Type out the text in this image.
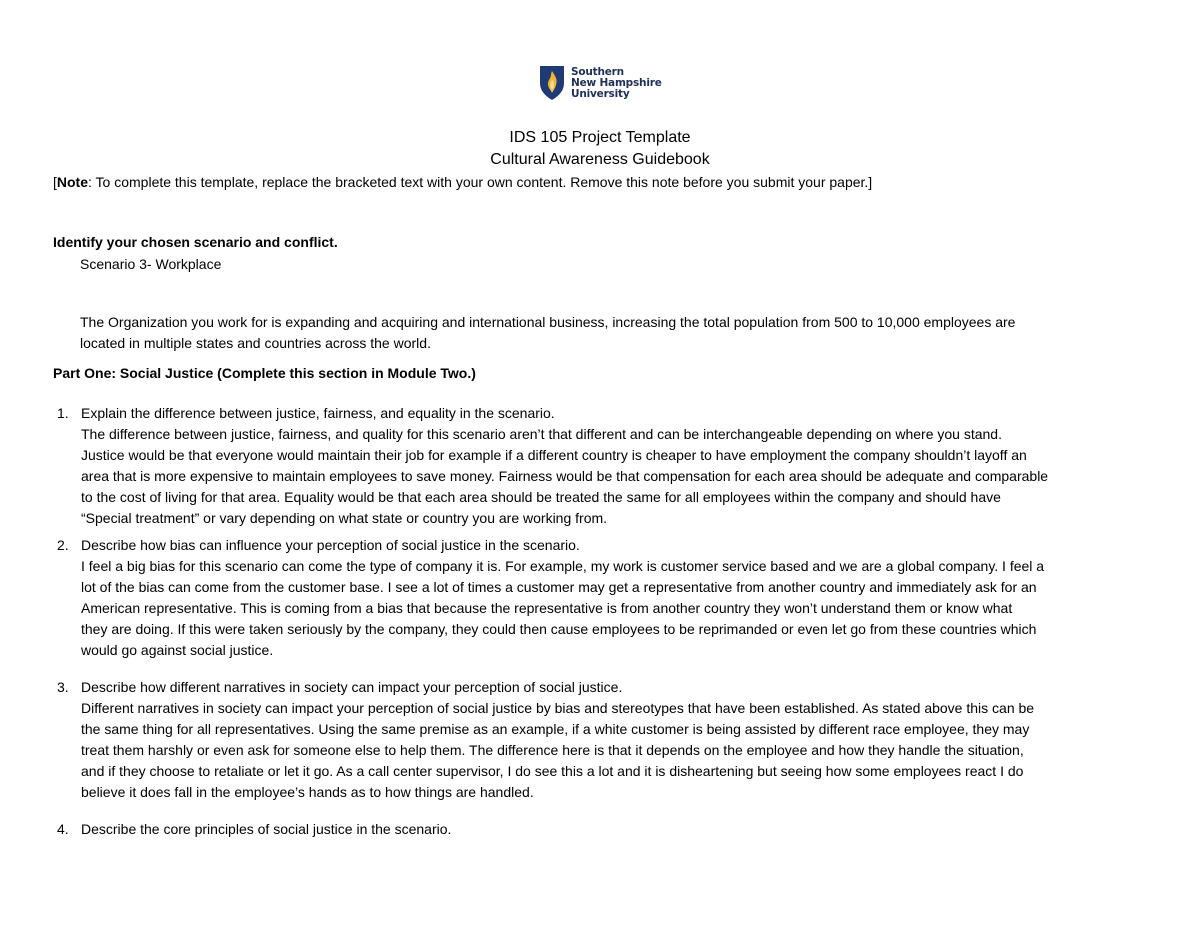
Southern
New Hampshire
University
IDS 105 Project Template
Cultural Awareness Guidebook
[Note: To complete this template, replace the bracketed text with your own content. Remove this note before you submit your paper.]
Identify your chosen scenario and conflict.
Scenario 3- Workplace
The Organization you work for is expanding and acquiring and international business, increasing the total population from 500 to 10,000 employees are
located in multiple states and countries across the world.
Part One: Social Justice (Complete this section in Module Two.)
1. Explain the difference between justice, fairness, and equality in the scenario.
The difference between justice, fairness, and quality for this scenario aren’t that different and can be interchangeable depending on where you stand.
Justice would be that everyone would maintain their job for example if a different country is cheaper to have employment the company shouldn’t layoff an
area that is more expensive to maintain employees to save money. Fairness would be that compensation for each area should be adequate and comparable
to the cost of living for that area. Equality would be that each area should be treated the same for all employees within the company and should have
“Special treatment” or vary depending on what state or country you are working from.
2. Describe how bias can influence your perception of social justice in the scenario.
I feel a big bias for this scenario can come the type of company it is. For example, my work is customer service based and we are a global company. I feel a
lot of the bias can come from the customer base. I see a lot of times a customer may get a representative from another country and immediately ask for an
American representative. This is coming from a bias that because the representative is from another country they won’t understand them or know what
they are doing. If this were taken seriously by the company, they could then cause employees to be reprimanded or even let go from these countries which
would go against social justice.
3. Describe how different narratives in society can impact your perception of social justice.
Different narratives in society can impact your perception of social justice by bias and stereotypes that have been established. As stated above this can be
the same thing for all representatives. Using the same premise as an example, if a white customer is being assisted by different race employee, they may
treat them harshly or even ask for someone else to help them. The difference here is that it depends on the employee and how they handle the situation,
and if they choose to retaliate or let it go. As a call center supervisor, I do see this a lot and it is disheartening but seeing how some employees react I do
believe it does fall in the employee’s hands as to how things are handled.
4. Describe the core principles of social justice in the scenario.
